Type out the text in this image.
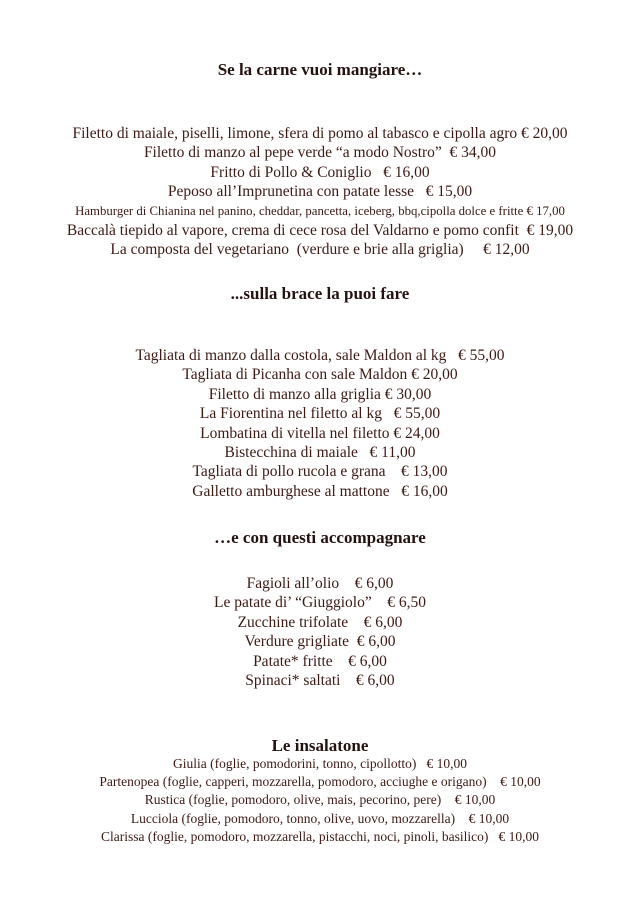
Se la carne vuoi mangiare…
Filetto di maiale, piselli, limone, sfera di pomo al tabasco e cipolla agro € 20,00
Filetto di manzo al pepe verde “a modo Nostro”  € 34,00
Fritto di Pollo & Coniglio   € 16,00
Peposo all’Imprunetina con patate lesse   € 15,00
Hamburger di Chianina nel panino, cheddar, pancetta, iceberg, bbq,cipolla dolce e fritte € 17,00
Baccalà tiepido al vapore, crema di cece rosa del Valdarno e pomo confit  € 19,00
La composta del vegetariano  (verdure e brie alla griglia)     € 12,00
...sulla brace la puoi fare
Tagliata di manzo dalla costola, sale Maldon al kg   € 55,00
Tagliata di Picanha con sale Maldon € 20,00
Filetto di manzo alla griglia € 30,00
La Fiorentina nel filetto al kg   € 55,00
Lombatina di vitella nel filetto € 24,00
Bistecchina di maiale   € 11,00
Tagliata di pollo rucola e grana    € 13,00
Galletto amburghese al mattone   € 16,00
…e con questi accompagnare
Fagioli all’olio    € 6,00
Le patate di’ “Giuggiolo”    € 6,50
Zucchine trifolate    € 6,00
Verdure grigliate  € 6,00
Patate* fritte    € 6,00
Spinaci* saltati    € 6,00
Le insalatone
Giulia (foglie, pomodorini, tonno, cipollotto)   € 10,00
Partenopea (foglie, capperi, mozzarella, pomodoro, acciughe e origano)    € 10,00
Rustica (foglie, pomodoro, olive, mais, pecorino, pere)    € 10,00
Lucciola (foglie, pomodoro, tonno, olive, uovo, mozzarella)    € 10,00
Clarissa (foglie, pomodoro, mozzarella, pistacchi, noci, pinoli, basilico)   € 10,00
